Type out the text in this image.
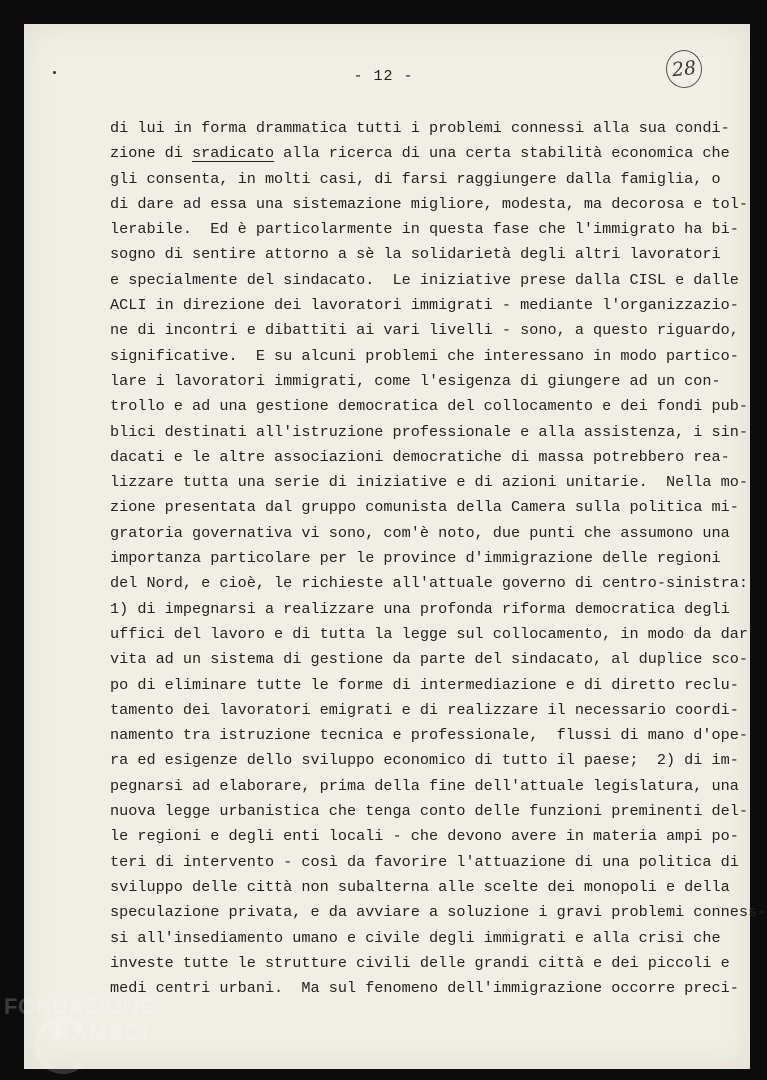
- 12 -	28
di lui in forma drammatica tutti i problemi connessi alla sua condi-
zione di sradicato alla ricerca di una certa stabilità economica che
gli consenta, in molti casi, di farsi raggiungere dalla famiglia, o
di dare ad essa una sistemazione migliore, modesta, ma decorosa e tol-
lerabile.  Ed è particolarmente in questa fase che l'immigrato ha bi-
sogno di sentire attorno a sè la solidarietà degli altri lavoratori
e specialmente del sindacato.  Le iniziative prese dalla CISL e dalle
ACLI in direzione dei lavoratori immigrati - mediante l'organizzazio-
ne di incontri e dibattiti ai vari livelli - sono, a questo riguardo,
significative.  E su alcuni problemi che interessano in modo partico-
lare i lavoratori immigrati, come l'esigenza di giungere ad un con-
trollo e ad una gestione democratica del collocamento e dei fondi pub-
blici destinati all'istruzione professionale e alla assistenza, i sin-
dacati e le altre associazioni democratiche di massa potrebbero rea-
lizzare tutta una serie di iniziative e di azioni unitarie.  Nella mo-
zione presentata dal gruppo comunista della Camera sulla politica mi-
gratoria governativa vi sono, com'è noto, due punti che assumono una
importanza particolare per le province d'immigrazione delle regioni
del Nord, e cioè, le richieste all'attuale governo di centro-sinistra:
1) di impegnarsi a realizzare una profonda riforma democratica degli
uffici del lavoro e di tutta la legge sul collocamento, in modo da dar
vita ad un sistema di gestione da parte del sindacato, al duplice sco-
po di eliminare tutte le forme di intermediazione e di diretto reclu-
tamento dei lavoratori emigrati e di realizzare il necessario coordi-
namento tra istruzione tecnica e professionale,  flussi di mano d'ope-
ra ed esigenze dello sviluppo economico di tutto il paese;  2) di im-
pegnarsi ad elaborare, prima della fine dell'attuale legislatura, una
nuova legge urbanistica che tenga conto delle funzioni preminenti del-
le regioni e degli enti locali - che devono avere in materia ampi po-
teri di intervento - così da favorire l'attuazione di una politica di
sviluppo delle città non subalterna alle scelte dei monopoli e della
speculazione privata, e da avviare a soluzione i gravi problemi conness-
si all'insediamento umano e civile degli immigrati e alla crisi che
investe tutte le strutture civili delle grandi città e dei piccoli e
medi centri urbani.  Ma sul fenomeno dell'immigrazione occorre preci-
FONDAZIONE
RAMSCI
onlus
